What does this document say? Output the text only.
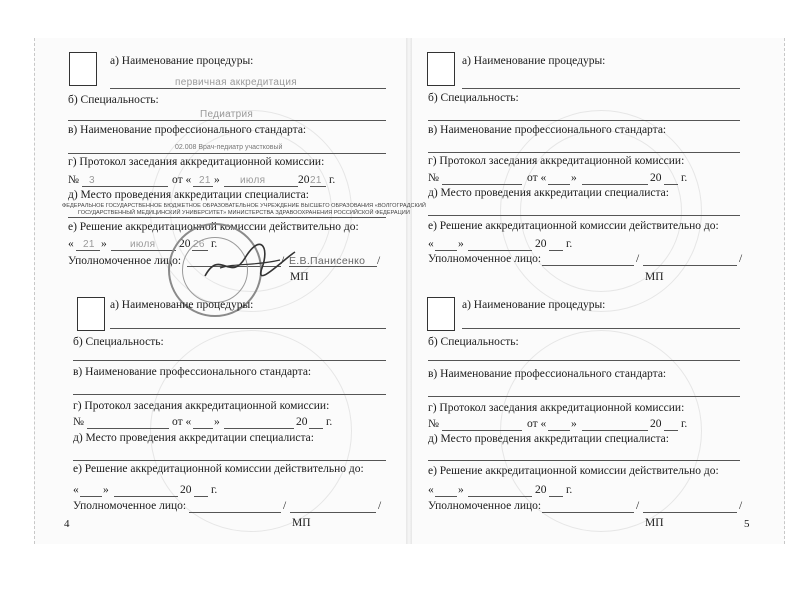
а) Наименование процедуры:
первичная аккредитация
б) Специальность:
Педиатрия
в) Наименование профессионального стандарта:
02.008 Врач-педиатр участковый
г) Протокол заседания аккредитационной комиссии:
№ 3	от « 21 » июля	20 21 г.
д) Место проведения аккредитации специалиста:
ФЕДЕРАЛЬНОЕ ГОСУДАРСТВЕННОЕ БЮДЖЕТНОЕ ОБРАЗОВАТЕЛЬНОЕ УЧРЕЖДЕНИЕ ВЫСШЕГО ОБРАЗОВАНИЯ «ВОЛГОГРАДСКИЙ
ГОСУДАРСТВЕННЫЙ МЕДИЦИНСКИЙ УНИВЕРСИТЕТ» МИНИСТЕРСТВА ЗДРАВООХРАНЕНИЯ РОССИЙСКОЙ ФЕДЕРАЦИИ
е) Решение аккредитационной комиссии действительно до:
« 21 » июля 20 26 г.
Уполномоченное лицо:	/ Е.В.Панисенко /
МП
а) Наименование процедуры:
б) Специальность:
в) Наименование профессионального стандарта:
г) Протокол заседания аккредитационной комиссии:
№	от « »	20 г.
д) Место проведения аккредитации специалиста:
е) Решение аккредитационной комиссии действительно до:
« »	20 г.
Уполномоченное лицо:	/	/
МП
4
а) Наименование процедуры:
б) Специальность:
в) Наименование профессионального стандарта:
г) Протокол заседания аккредитационной комиссии:
№	от « »	20 г.
д) Место проведения аккредитации специалиста:
е) Решение аккредитационной комиссии действительно до:
« »	20 г.
Уполномоченное лицо:	/	/
МП
а) Наименование процедуры:
б) Специальность:
в) Наименование профессионального стандарта:
г) Протокол заседания аккредитационной комиссии:
№	от « »	20 г.
д) Место проведения аккредитации специалиста:
е) Решение аккредитационной комиссии действительно до:
« »	20 г.
Уполномоченное лицо:	/	/
МП	5
